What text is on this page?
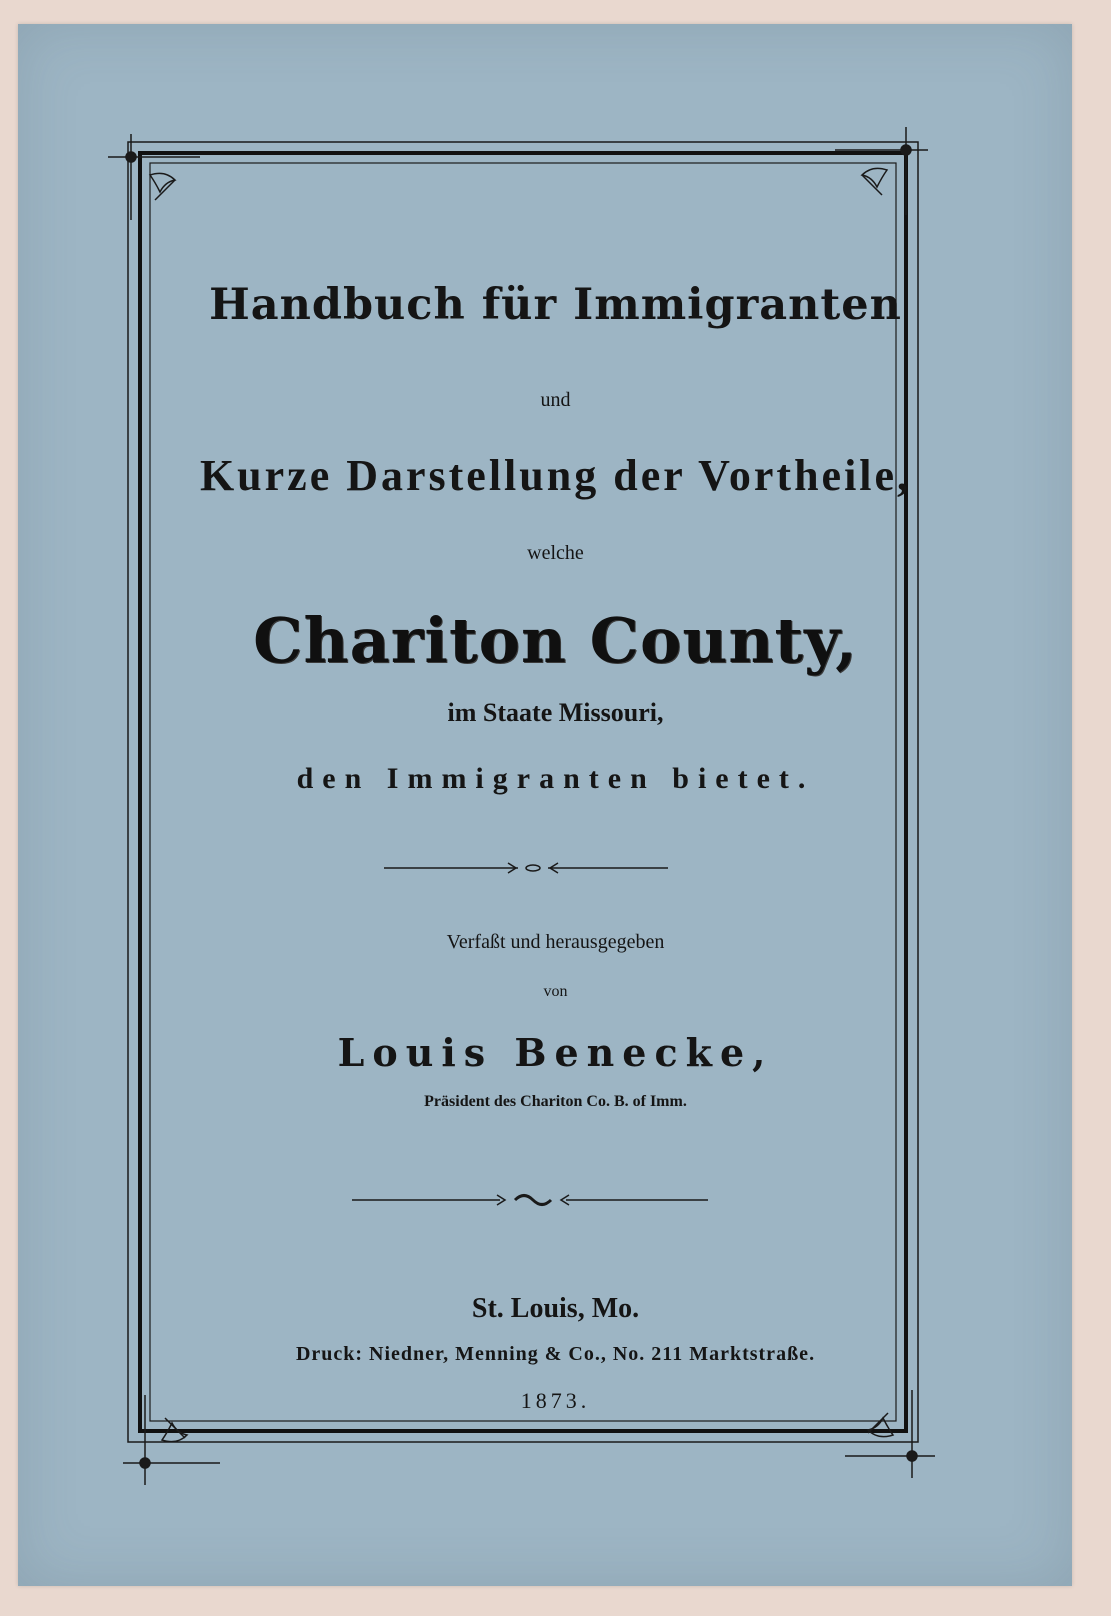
Handbuch für Immigranten
und
Kurze Darstellung der Vortheile,
welche
Chariton County,
im Staate Missouri,
den Immigranten bietet.
Verfaßt und herausgegeben
von
Louis Benecke,
Präsident des Chariton Co. B. of Imm.
St. Louis, Mo.
Druck: Niedner, Menning & Co., No. 211 Marktstraße.
1873.
